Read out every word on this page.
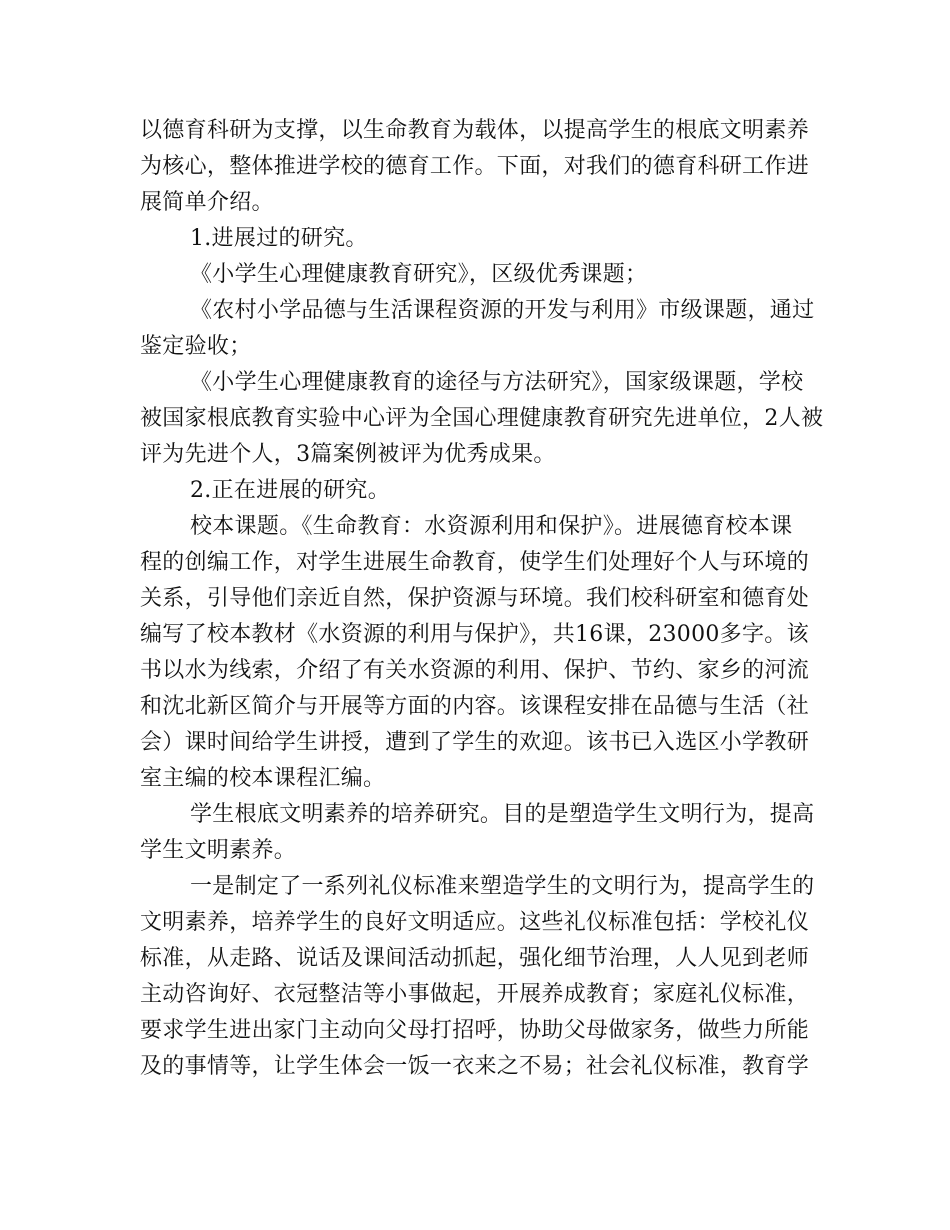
以德育科研为支撑，以生命教育为载体，以提高学生的根底文明素养
为核心，整体推进学校的德育工作。下面，对我们的德育科研工作进
展简单介绍。
1.进展过的研究。
《小学生心理健康教育研究》，区级优秀课题；
《农村小学品德与生活课程资源的开发与利用》市级课题，通过
鉴定验收；
《小学生心理健康教育的途径与方法研究》，国家级课题，学校
被国家根底教育实验中心评为全国心理健康教育研究先进单位，2人被
评为先进个人，3篇案例被评为优秀成果。
2.正在进展的研究。
校本课题。《生命教育：水资源利用和保护》。进展德育校本课
程的创编工作，对学生进展生命教育，使学生们处理好个人与环境的
关系，引导他们亲近自然，保护资源与环境。我们校科研室和德育处
编写了校本教材《水资源的利用与保护》，共16课，23000多字。该
书以水为线索，介绍了有关水资源的利用、保护、节约、家乡的河流
和沈北新区简介与开展等方面的内容。该课程安排在品德与生活（社
会）课时间给学生讲授，遭到了学生的欢迎。该书已入选区小学教研
室主编的校本课程汇编。
学生根底文明素养的培养研究。目的是塑造学生文明行为，提高
学生文明素养。
一是制定了一系列礼仪标准来塑造学生的文明行为，提高学生的
文明素养，培养学生的良好文明适应。这些礼仪标准包括：学校礼仪
标准，从走路、说话及课间活动抓起，强化细节治理，人人见到老师
主动咨询好、衣冠整洁等小事做起，开展养成教育；家庭礼仪标准，
要求学生进出家门主动向父母打招呼，协助父母做家务，做些力所能
及的事情等，让学生体会一饭一衣来之不易；社会礼仪标准，教育学
